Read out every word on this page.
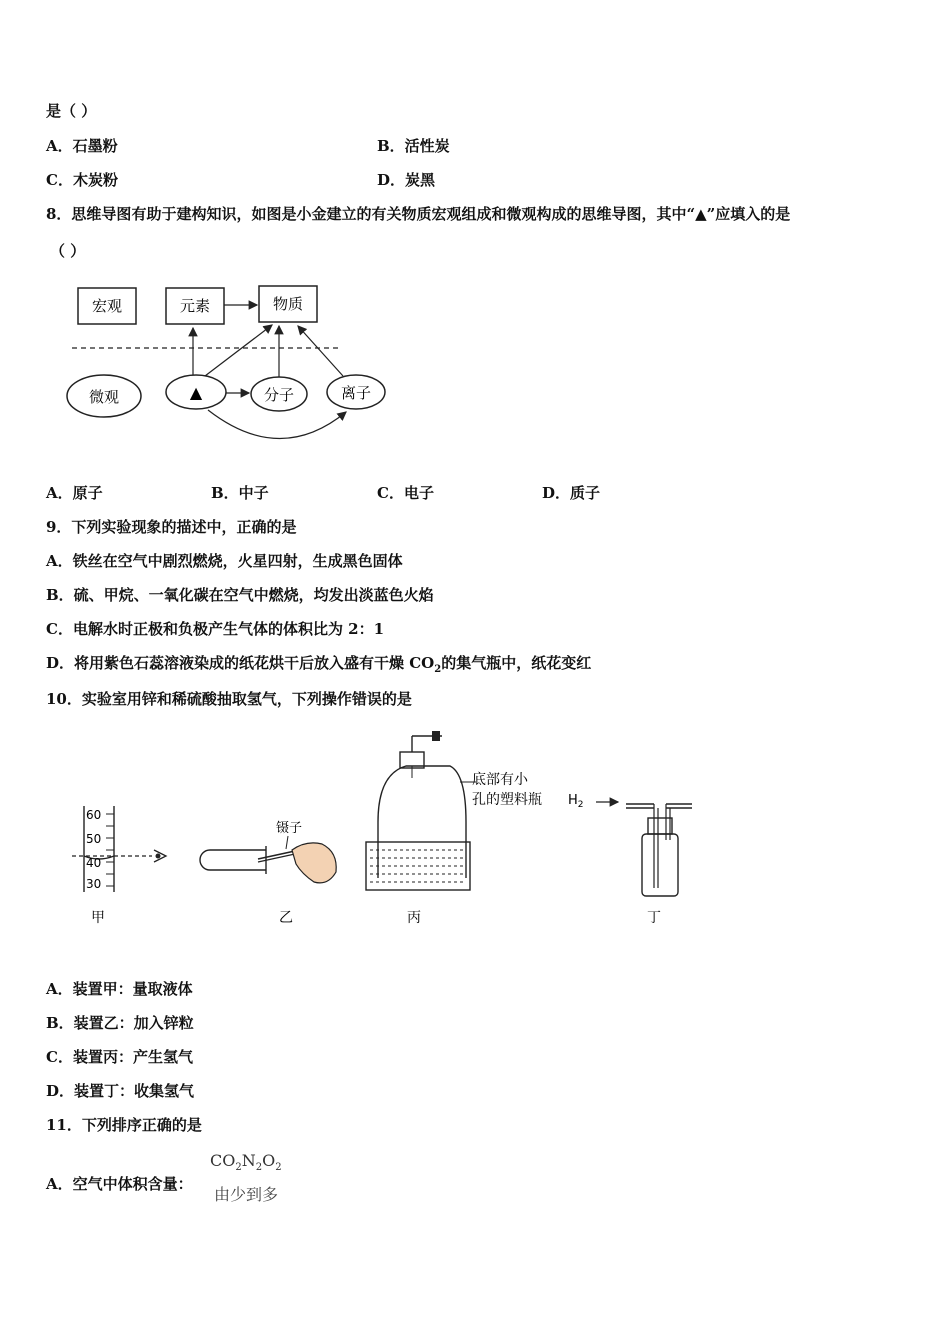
是（ ）
A．石墨粉	B．活性炭
C．木炭粉	D．炭黑
8．思维导图有助于建构知识，如图是小金建立的有关物质宏观组成和微观构成的思维导图，其中“▲”应填入的是
（ ）
宏观	元素	物质
微观	▲	分子	离子
A．原子	B．中子	C．电子	D．质子
9．下列实验现象的描述中，正确的是
A．铁丝在空气中剧烈燃烧，火星四射，生成黑色固体
B．硫、甲烷、一氧化碳在空气中燃烧，均发出淡蓝色火焰
C．电解水时正极和负极产生气体的体积比为 2：1
D．将用紫色石蕊溶液染成的纸花烘干后放入盛有干燥 $CO_2$的集气瓶中，纸花变红
10．实验室用锌和稀硫酸抽取氢气，下列操作错误的是
60
50
40
30
甲
镊子
乙
底部有小
孔的塑料瓶
丙
$H_2$
丁
A．装置甲：量取液体
B．装置乙：加入锌粒
C．装置丙：产生氢气
D．装置丁：收集氢气
11．下列排序正确的是
A．空气中体积含量：
$CO_2N_2O_2$
由少到多
